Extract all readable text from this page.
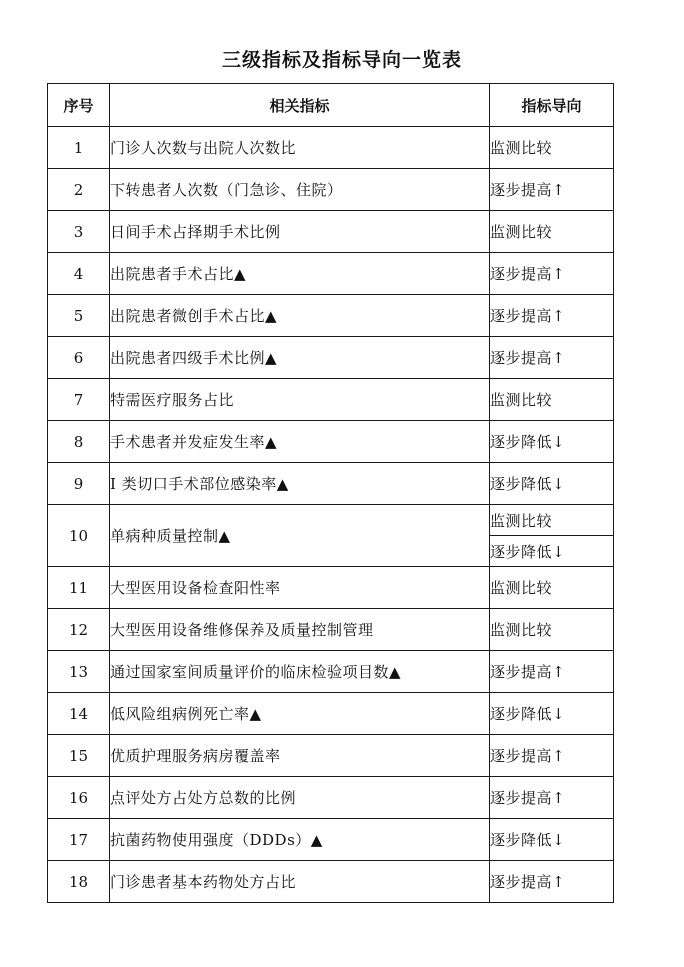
三级指标及指标导向一览表
序号	相关指标	指标导向
1	门诊人次数与出院人次数比	监测比较
2	下转患者人次数（门急诊、住院）	逐步提高↑
3	日间手术占择期手术比例	监测比较
4	出院患者手术占比▲	逐步提高↑
5	出院患者微创手术占比▲	逐步提高↑
6	出院患者四级手术比例▲	逐步提高↑
7	特需医疗服务占比	监测比较
8	手术患者并发症发生率▲	逐步降低↓
9	I 类切口手术部位感染率▲	逐步降低↓
10	单病种质量控制▲	监测比较
		逐步降低↓
11	大型医用设备检查阳性率	监测比较
12	大型医用设备维修保养及质量控制管理	监测比较
13	通过国家室间质量评价的临床检验项目数▲	逐步提高↑
14	低风险组病例死亡率▲	逐步降低↓
15	优质护理服务病房覆盖率	逐步提高↑
16	点评处方占处方总数的比例	逐步提高↑
17	抗菌药物使用强度（DDDs）▲	逐步降低↓
18	门诊患者基本药物处方占比	逐步提高↑
